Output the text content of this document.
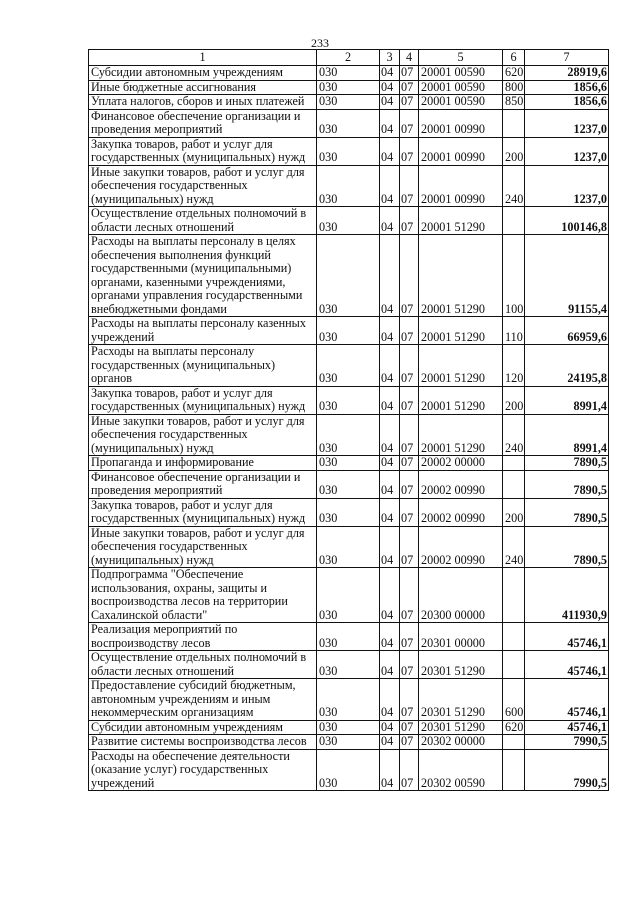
233
1	2	3	4	5	6	7
Субсидии автономным учреждениям	030	04	07	20001 00590	620	28919,6
Иные бюджетные ассигнования	030	04	07	20001 00590	800	1856,6
Уплата налогов, сборов и иных платежей	030	04	07	20001 00590	850	1856,6
Финансовое обеспечение организации и проведения мероприятий	030	04	07	20001 00990		1237,0
Закупка товаров, работ и услуг для государственных (муниципальных) нужд	030	04	07	20001 00990	200	1237,0
Иные закупки товаров, работ и услуг для обеспечения государственных (муниципальных) нужд	030	04	07	20001 00990	240	1237,0
Осуществление отдельных полномочий в области лесных отношений	030	04	07	20001 51290		100146,8
Расходы на выплаты персоналу в целях обеспечения выполнения функций государственными (муниципальными) органами, казенными учреждениями, органами управления государственными внебюджетными фондами	030	04	07	20001 51290	100	91155,4
Расходы на выплаты персоналу казенных учреждений	030	04	07	20001 51290	110	66959,6
Расходы на выплаты персоналу государственных (муниципальных) органов	030	04	07	20001 51290	120	24195,8
Закупка товаров, работ и услуг для государственных (муниципальных) нужд	030	04	07	20001 51290	200	8991,4
Иные закупки товаров, работ и услуг для обеспечения государственных (муниципальных) нужд	030	04	07	20001 51290	240	8991,4
Пропаганда и информирование	030	04	07	20002 00000		7890,5
Финансовое обеспечение организации и проведения мероприятий	030	04	07	20002 00990		7890,5
Закупка товаров, работ и услуг для государственных (муниципальных) нужд	030	04	07	20002 00990	200	7890,5
Иные закупки товаров, работ и услуг для обеспечения государственных (муниципальных) нужд	030	04	07	20002 00990	240	7890,5
Подпрограмма "Обеспечение использования, охраны, защиты и воспроизводства лесов на территории Сахалинской области"	030	04	07	20300 00000		411930,9
Реализация мероприятий по воспроизводству лесов	030	04	07	20301 00000		45746,1
Осуществление отдельных полномочий в области лесных отношений	030	04	07	20301 51290		45746,1
Предоставление субсидий бюджетным, автономным учреждениям и иным некоммерческим организациям	030	04	07	20301 51290	600	45746,1
Субсидии автономным учреждениям	030	04	07	20301 51290	620	45746,1
Развитие системы воспроизводства лесов	030	04	07	20302 00000		7990,5
Расходы на обеспечение деятельности (оказание услуг) государственных учреждений	030	04	07	20302 00590		7990,5
